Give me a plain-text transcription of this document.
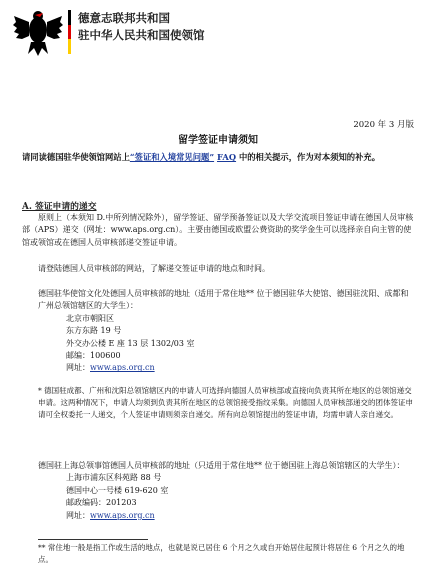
德意志联邦共和国
驻中华人民共和国使领馆
2020 年 3 月版
留学签证申请须知
请同读德国驻华使领馆网站上“签证和入境常见问题” FAQ 中的相关提示，作为对本须知的补充。
A. 签证申请的递交
原则上（本须知 D.中所列情况除外），留学签证、留学预备签证以及大学交流项目签证申请在德国人员审核部（APS）递交（网址：www.aps.org.cn）。主要由德国或欧盟公费资助的奖学金生可以选择亲自向主管的使馆或领馆或在德国人员审核部递交签证申请。
请登陆德国人员审核部的网站，了解递交签证申请的地点和时间。
德国驻华使馆文化处德国人员审核部的地址（适用于常住地** 位于德国驻华大使馆、德国驻沈阳、成都和广州总领馆辖区的大学生）：
北京市朝阳区
东方东路 19 号
外交办公楼 E 座 13 层 1302/03 室
邮编：100600
网址：www.aps.org.cn
* 德国驻成都、广州和沈阳总领馆辖区内的申请人可选择向德国人员审核部或直接向负责其所在地区的总领馆递交申请。这两种情况下，申请人均须到负责其所在地区的总领馆接受指纹采集。向德国人员审核部递交的团体签证申请可全权委托一人递交，个人签证申请则须亲自递交。所有向总领馆提出的签证申请，均需申请人亲自递交。
德国驻上海总领事馆德国人员审核部的地址（只适用于常住地** 位于德国驻上海总领馆辖区的大学生）：
上海市浦东区科苑路 88 号
德国中心一号楼 619-620 室
邮政编码：201203
网址：www.aps.org.cn
** 常住地一般是指工作或生活的地点，也就是说已居住 6 个月之久或自开始居住起预计将居住 6 个月之久的地点。
